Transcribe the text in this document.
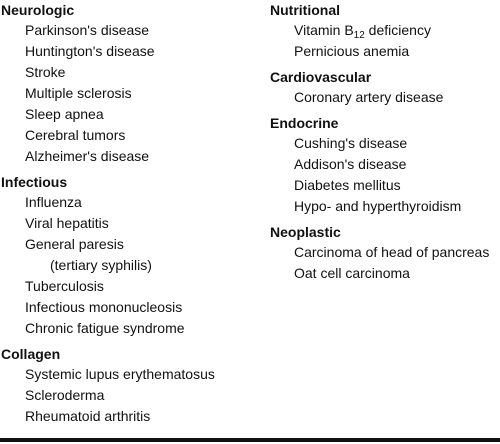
Neurologic
Parkinson's disease
Huntington's disease
Stroke
Multiple sclerosis
Sleep apnea
Cerebral tumors
Alzheimer's disease
Infectious
Influenza
Viral hepatitis
General paresis
(tertiary syphilis)
Tuberculosis
Infectious mononucleosis
Chronic fatigue syndrome
Collagen
Systemic lupus erythematosus
Scleroderma
Rheumatoid arthritis
Nutritional
Vitamin $B_{12}$ deficiency
Pernicious anemia
Cardiovascular
Coronary artery disease
Endocrine
Cushing's disease
Addison's disease
Diabetes mellitus
Hypo- and hyperthyroidism
Neoplastic
Carcinoma of head of pancreas
Oat cell carcinoma
